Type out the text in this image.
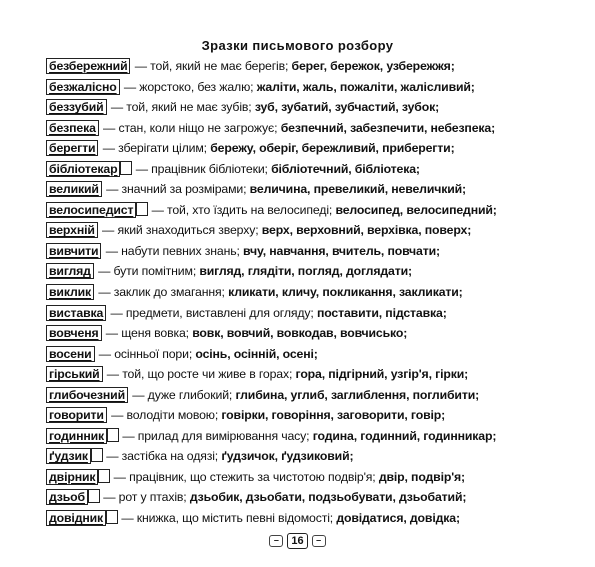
Зразки письмового розбору
безбережний — той, який не має берегів; берег, бережок, узбережжя;
безжалісно — жорстоко, без жалю; жаліти, жаль, пожаліти, жалісливий;
беззубий — той, який не має зубів; зуб, зубатий, зубчастий, зубок;
безпека — стан, коли ніщо не загрожує; безпечний, забезпечити, небезпека;
берегти — зберігати цілим; бережу, оберіг, бережливий, приберегти;
бібліотекар — працівник бібліотеки; бібліотечний, бібліотека;
великий — значний за розмірами; величина, превеликий, невеличкий;
велосипедист — той, хто їздить на велосипеді; велосипед, велосипедний;
верхній — який знаходиться зверху; верх, верховний, верхівка, поверх;
вивчити — набути певних знань; вчу, навчання, вчитель, повчати;
вигляд — бути помітним; вигляд, глядіти, погляд, доглядати;
виклик — заклик до змагання; кликати, кличу, покликання, закликати;
виставка — предмети, виставлені для огляду; поставити, підставка;
вовченя — щеня вовка; вовк, вовчий, вовкодав, вовчисько;
восени — осінньої пори; осінь, осінній, осені;
гірський — той, що росте чи живе в горах; гора, підгірний, узгір'я, гірки;
глибочезний — дуже глибокий; глибина, углиб, заглиблення, поглибити;
говорити — володіти мовою; говірки, говоріння, заговорити, говір;
годинник — прилад для вимірювання часу; година, годинний, годинникар;
ґудзик — застібка на одязі; ґудзичок, ґудзиковий;
двірник — працівник, що стежить за чистотою подвір'я; двір, подвір'я;
дзьоб — рот у птахів; дзьобик, дзьобати, подзьобувати, дзьобатий;
довідник — книжка, що містить певні відомості; довідатися, довідка;
– 16 –
